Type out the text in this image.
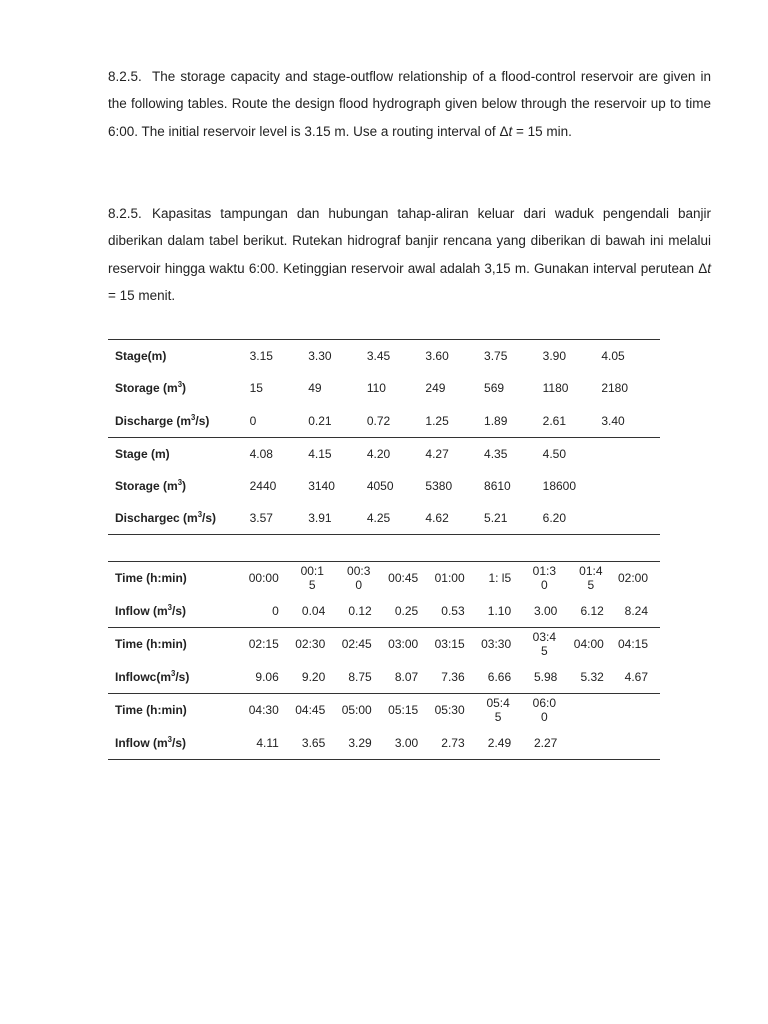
8.2.5. The storage capacity and stage-outflow relationship of a flood-control reservoir are given in the following tables. Route the design flood hydrograph given below through the reservoir up to time 6:00. The initial reservoir level is 3.15 m. Use a routing interval of Δt = 15 min.

8.2.5. Kapasitas tampungan dan hubungan tahap-aliran keluar dari waduk pengendali banjir diberikan dalam tabel berikut. Rutekan hidrograf banjir rencana yang diberikan di bawah ini melalui reservoir hingga waktu 6:00. Ketinggian reservoir awal adalah 3,15 m. Gunakan interval perutean Δt = 15 menit.

Stage(m)	3.15	3.30	3.45	3.60	3.75	3.90	4.05
Storage $(m^3)$	15	49	110	249	569	1180	2180
Discharge $(m^3/s)$	0	0.21	0.72	1.25	1.89	2.61	3.40
Stage (m)	4.08	4.15	4.20	4.27	4.35	4.50	
Storage $(m^3)$	2440	3140	4050	5380	8610	18600	
Dischargec $(m^3/s)$	3.57	3.91	4.25	4.62	5.21	6.20	
Time (h:min)	00:00	00:15	00:30	00:45	01:00	1: l5	01:30	01:45	02:00
Inflow $(m^3/s)$	0	0.04	0.12	0.25	0.53	1.10	3.00	6.12	8.24
Time (h:min)	02:15	02:30	02:45	03:00	03:15	03:30	03:45	04:00	04:15
$Inflowc(m^3/s)$	9.06	9.20	8.75	8.07	7.36	6.66	5.98	5.32	4.67
Time (h:min)	04:30	04:45	05:00	05:15	05:30	05:45	06:00		
Inflow $(m^3/s)$	4.11	3.65	3.29	3.00	2.73	2.49	2.27		
